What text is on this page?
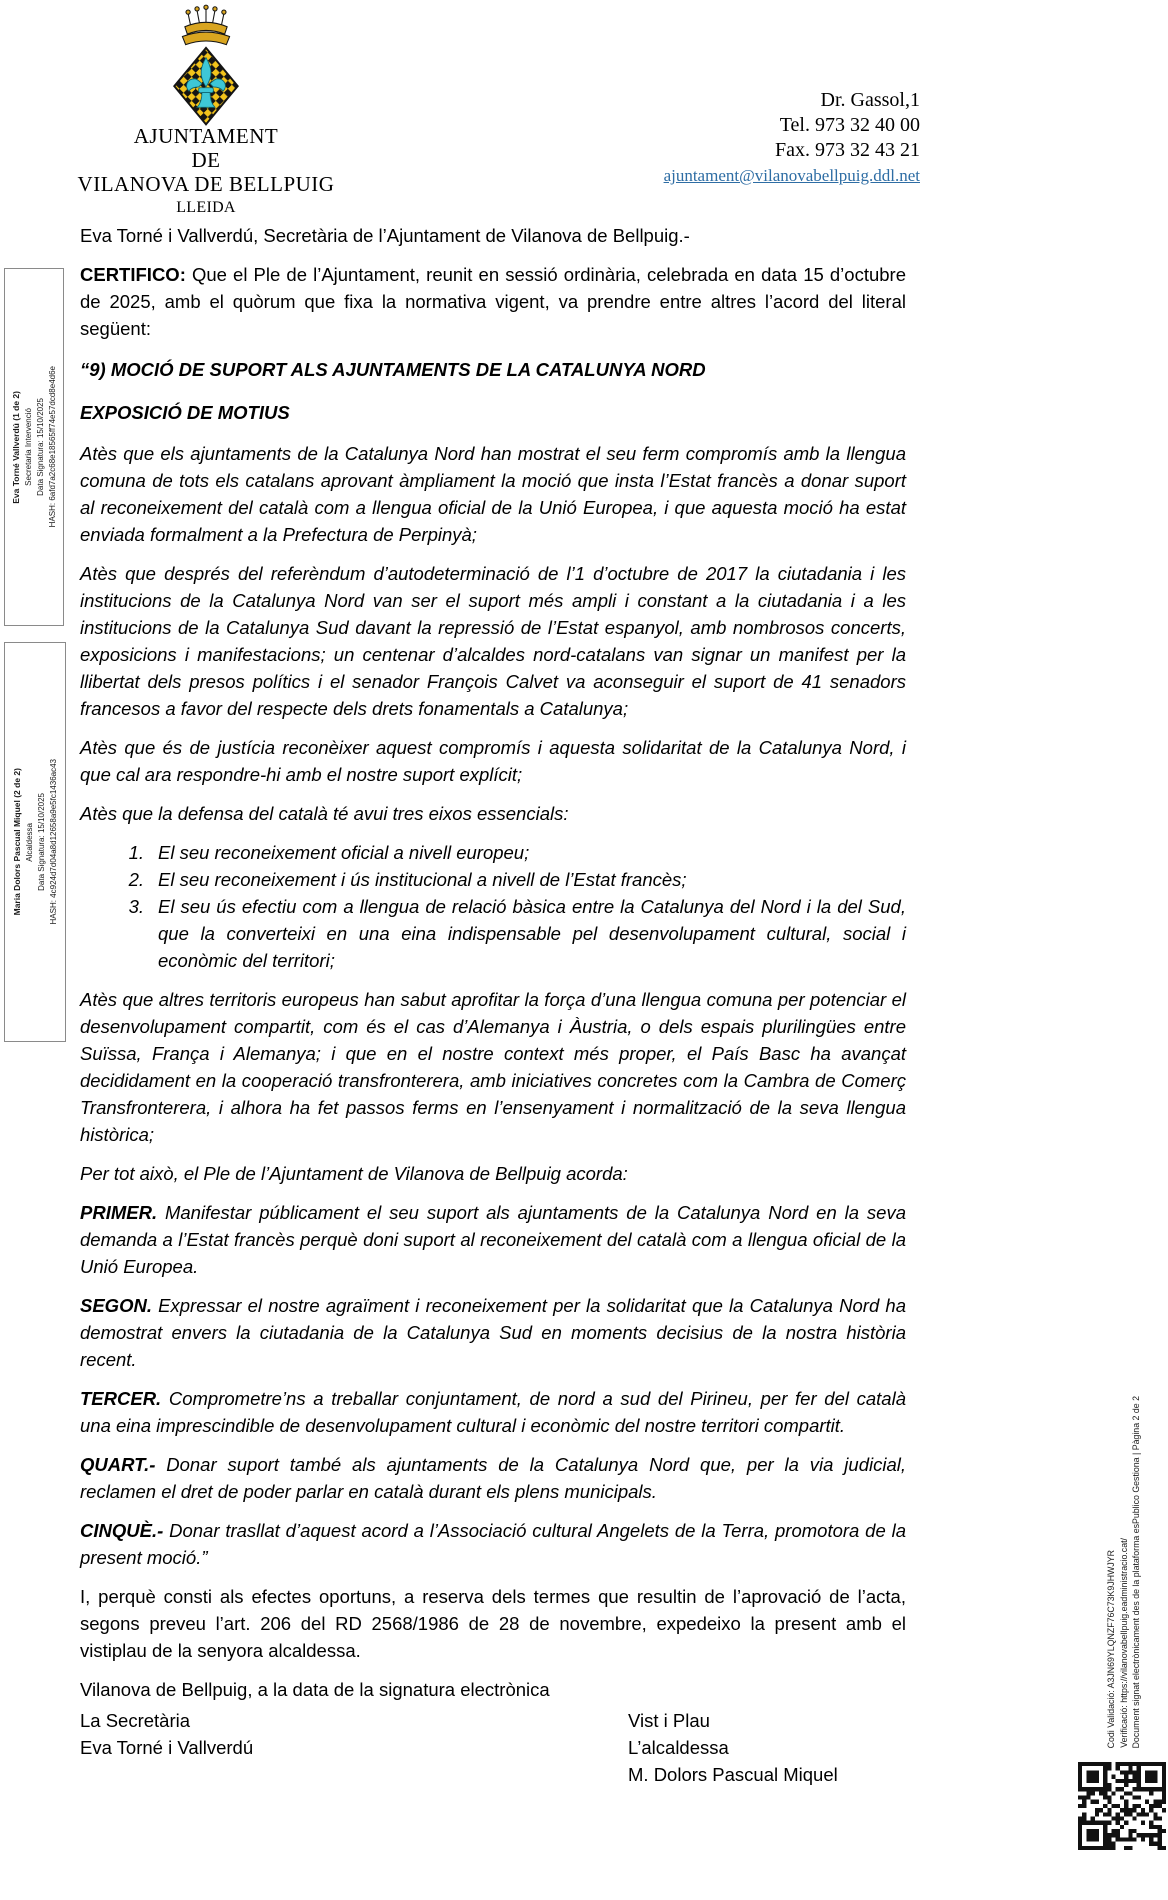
Eva Torné Vallverdú (1 de 2) Secretaria Intervenció Data Signatura: 15/10/2025 HASH: 6afd7a2c68e18565ff74e57dcd8e4d6e
Maria Dolors Pascual Miquel (2 de 2) Alcaldessa Data Signatura: 15/10/2025 HASH: 4c924d7d04a8d12658a9e5fc1436ac43
AJUNTAMENT
DE
VILANOVA DE BELLPUIG
LLEIDA
Dr. Gassol,1
Tel. 973 32 40 00
Fax. 973 32 43 21
ajuntament@vilanovabellpuig.ddl.net

Eva Torné i Vallverdú, Secretària de l’Ajuntament de Vilanova de Bellpuig.-

CERTIFICO: Que el Ple de l’Ajuntament, reunit en sessió ordinària, celebrada en data 15 d’octubre de 2025, amb el quòrum que fixa la normativa vigent, va prendre entre altres l’acord del literal següent:

“9) MOCIÓ DE SUPORT ALS AJUNTAMENTS DE LA CATALUNYA NORD

EXPOSICIÓ DE MOTIUS

Atès que els ajuntaments de la Catalunya Nord han mostrat el seu ferm compromís amb la llengua comuna de tots els catalans aprovant àmpliament la moció que insta l’Estat francès a donar suport al reconeixement del català com a llengua oficial de la Unió Europea, i que aquesta moció ha estat enviada formalment a la Prefectura de Perpinyà;

Atès que després del referèndum d’autodeterminació de l’1 d’octubre de 2017 la ciutadania i les institucions de la Catalunya Nord van ser el suport més ampli i constant a la ciutadania i a les institucions de la Catalunya Sud davant la repressió de l’Estat espanyol, amb nombrosos concerts, exposicions i manifestacions; un centenar d’alcaldes nord-catalans van signar un manifest per la llibertat dels presos polítics i el senador François Calvet va aconseguir el suport de 41 senadors francesos a favor del respecte dels drets fonamentals a Catalunya;

Atès que és de justícia reconèixer aquest compromís i aquesta solidaritat de la Catalunya Nord, i que cal ara respondre-hi amb el nostre suport explícit;

Atès que la defensa del català té avui tres eixos essencials:

1. El seu reconeixement oficial a nivell europeu;
2. El seu reconeixement i ús institucional a nivell de l’Estat francès;
3. El seu ús efectiu com a llengua de relació bàsica entre la Catalunya del Nord i la del Sud, que la converteixi en una eina indispensable pel desenvolupament cultural, social i econòmic del territori;

Atès que altres territoris europeus han sabut aprofitar la força d’una llengua comuna per potenciar el desenvolupament compartit, com és el cas d’Alemanya i Àustria, o dels espais plurilingües entre Suïssa, França i Alemanya; i que en el nostre context més proper, el País Basc ha avançat decididament en la cooperació transfronterera, amb iniciatives concretes com la Cambra de Comerç Transfronterera, i alhora ha fet passos ferms en l’ensenyament i normalització de la seva llengua històrica;

Per tot això, el Ple de l’Ajuntament de Vilanova de Bellpuig acorda:

PRIMER. Manifestar públicament el seu suport als ajuntaments de la Catalunya Nord en la seva demanda a l’Estat francès perquè doni suport al reconeixement del català com a llengua oficial de la Unió Europea.

SEGON. Expressar el nostre agraïment i reconeixement per la solidaritat que la Catalunya Nord ha demostrat envers la ciutadania de la Catalunya Sud en moments decisius de la nostra història recent.

TERCER. Comprometre’ns a treballar conjuntament, de nord a sud del Pirineu, per fer del català una eina imprescindible de desenvolupament cultural i econòmic del nostre territori compartit.

QUART.- Donar suport també als ajuntaments de la Catalunya Nord que, per la via judicial, reclamen el dret de poder parlar en català durant els plens municipals.

CINQUÈ.- Donar trasllat d’aquest acord a l’Associació cultural Angelets de la Terra, promotora de la present moció.”

I, perquè consti als efectes oportuns, a reserva dels termes que resultin de l’aprovació de l’acta, segons preveu l’art. 206 del RD 2568/1986 de 28 de novembre, expedeixo la present amb el vistiplau de la senyora alcaldessa.

Vilanova de Bellpuig, a la data de la signatura electrònica

La Secretària
Eva Torné i Vallverdú
Vist i Plau
L’alcaldessa
M. Dolors Pascual Miquel
Codi Validació: A3JN69YLQNZF76C73K9JHWJYR Verificació: https://vilanovabellpuig.eadministracio.cat/ Document signat electrònicament des de la plataforma esPublico Gestiona | Pàgina 2 de 2
